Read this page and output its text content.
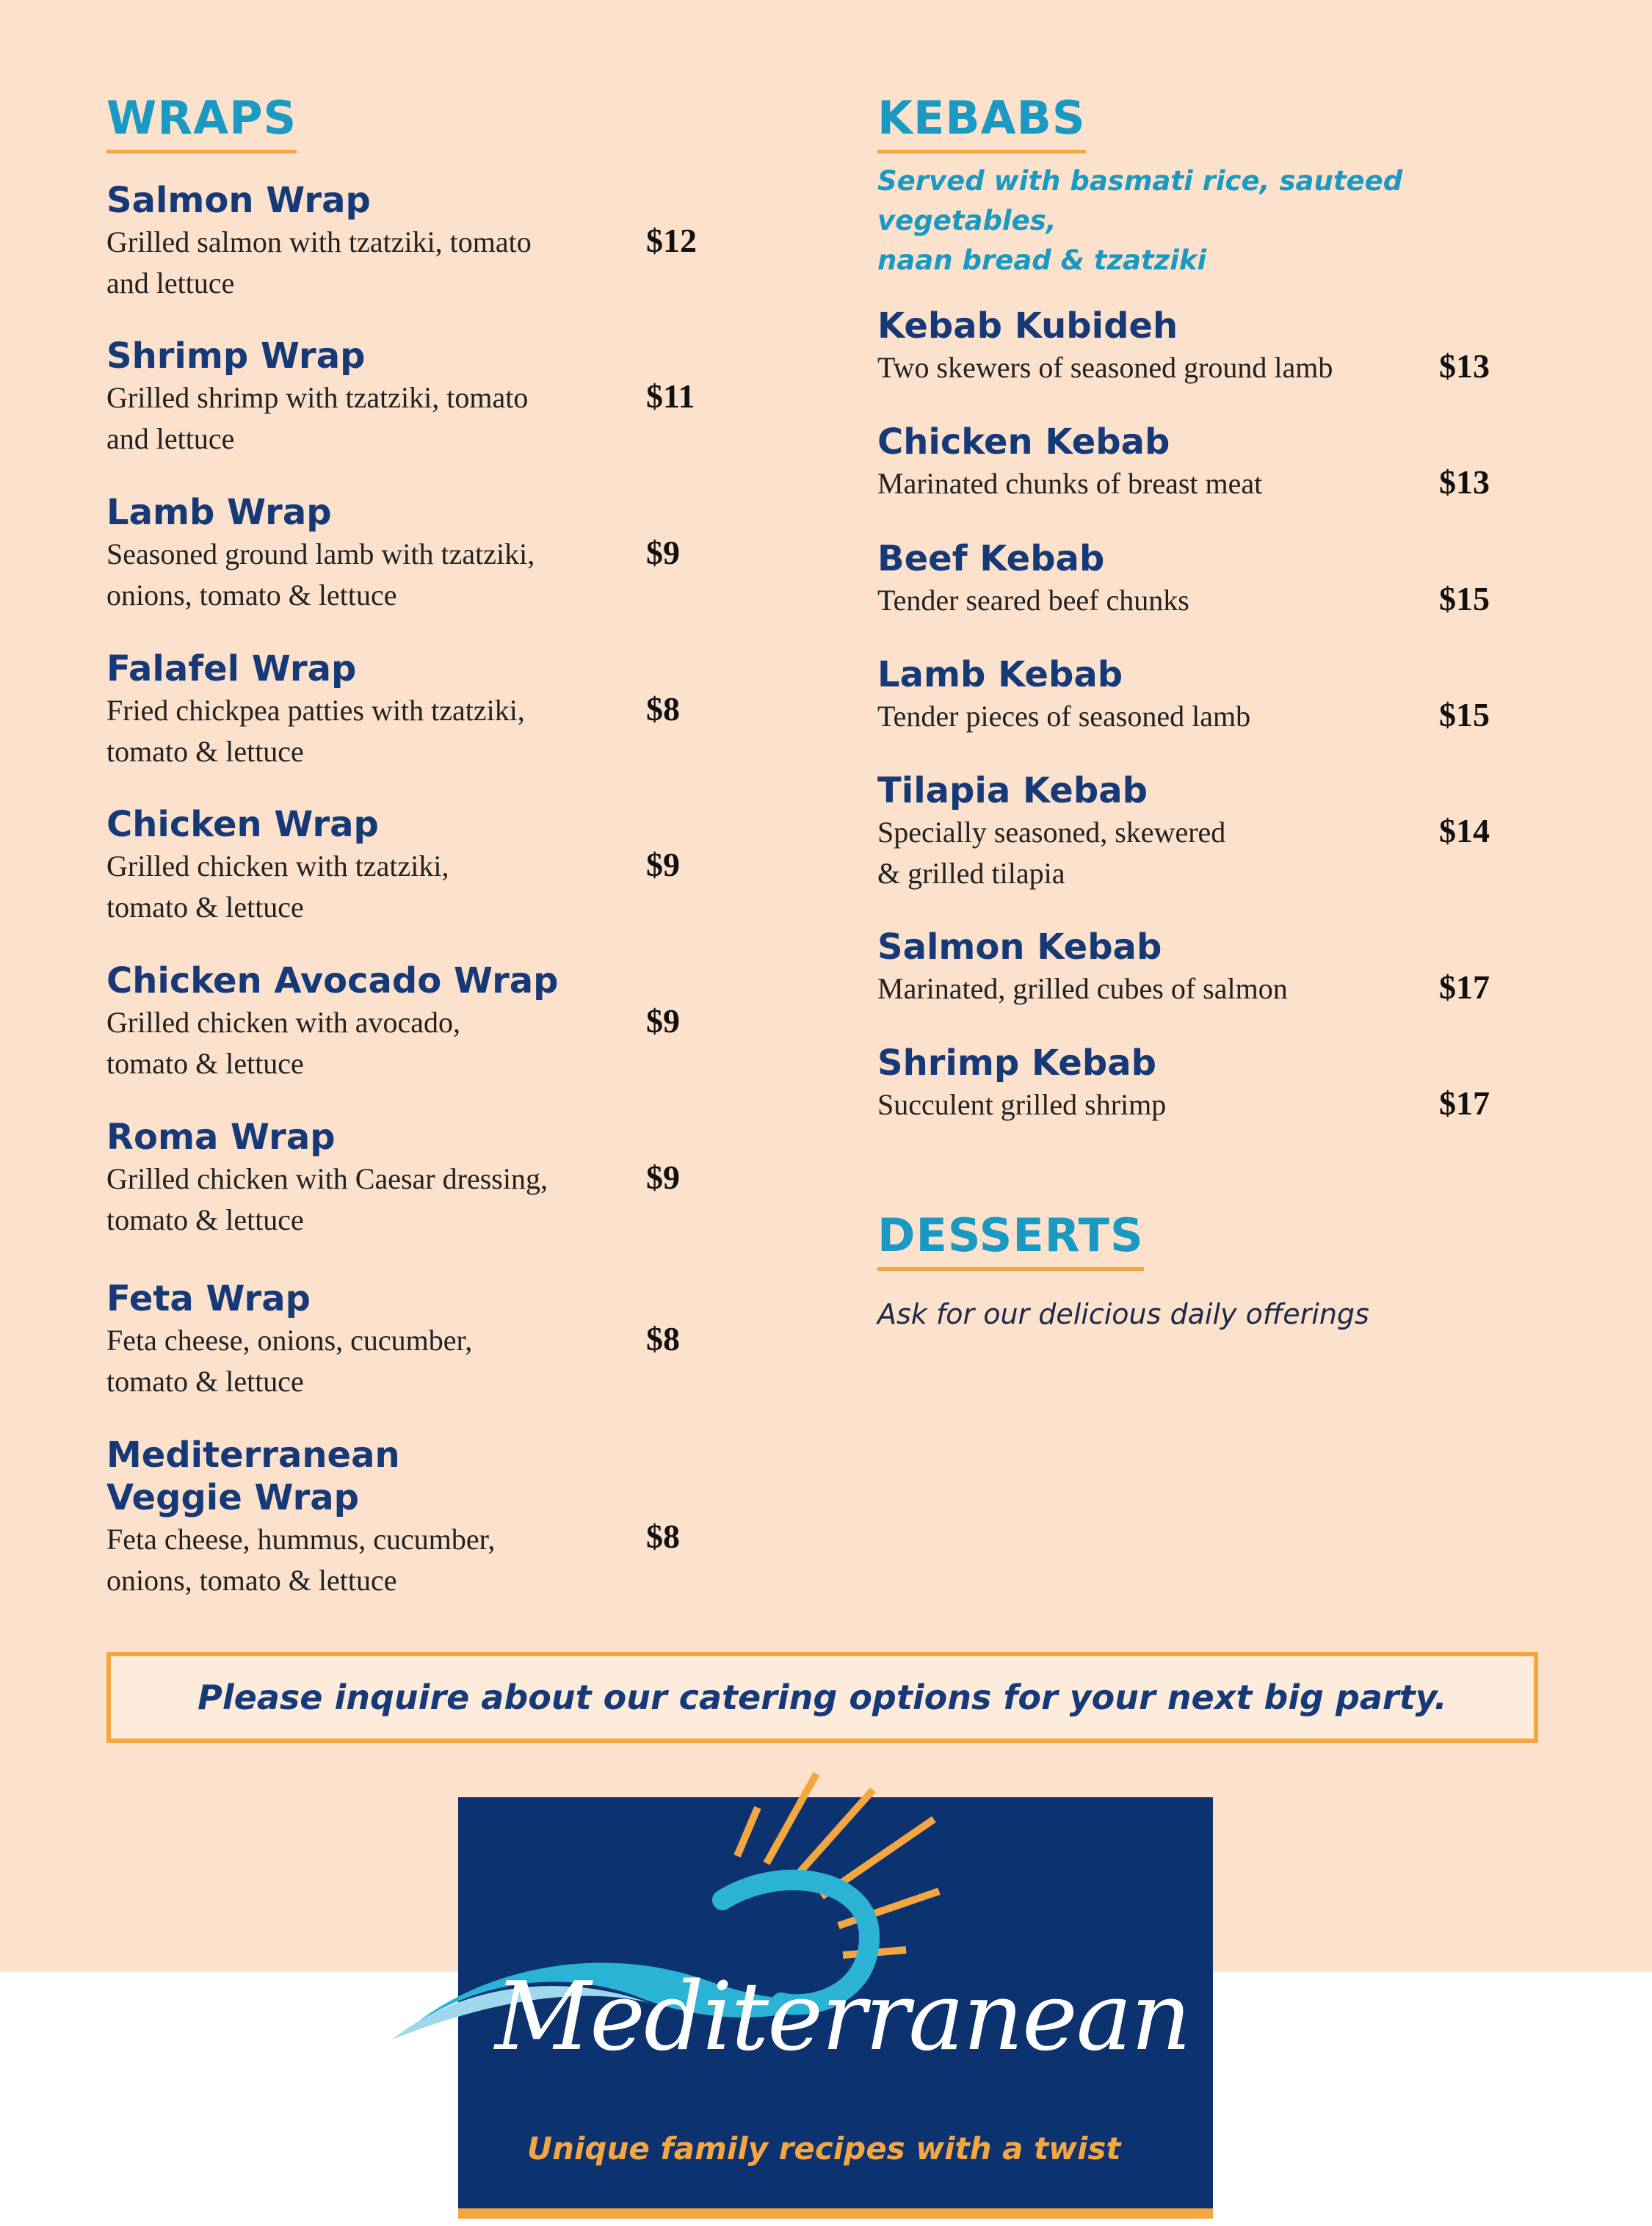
WRAPS
Salmon Wrap
Grilled salmon with tzatziki, tomato
and lettuce
$12
Shrimp Wrap
Grilled shrimp with tzatziki, tomato
and lettuce
$11
Lamb Wrap
Seasoned ground lamb with tzatziki,
onions, tomato & lettuce
$9
Falafel Wrap
Fried chickpea patties with tzatziki,
tomato & lettuce
$8
Chicken Wrap
Grilled chicken with tzatziki,
tomato & lettuce
$9
Chicken Avocado Wrap
Grilled chicken with avocado,
tomato & lettuce
$9
Roma Wrap
Grilled chicken with Caesar dressing,
tomato & lettuce
$9
Feta Wrap
Feta cheese, onions, cucumber,
tomato & lettuce
$8
Mediterranean
Veggie Wrap
Feta cheese, hummus, cucumber,
onions, tomato & lettuce
$8
KEBABS
Served with basmati rice, sauteed vegetables,
naan bread & tzatziki
Kebab Kubideh
Two skewers of seasoned ground lamb	$13
Chicken Kebab
Marinated chunks of breast meat	$13
Beef Kebab
Tender seared beef chunks	$15
Lamb Kebab
Tender pieces of seasoned lamb	$15
Tilapia Kebab
Specially seasoned, skewered
& grilled tilapia
$14
Salmon Kebab
Marinated, grilled cubes of salmon	$17
Shrimp Kebab
Succulent grilled shrimp	$17
DESSERTS

Ask for our delicious daily offerings

Please inquire about our catering options for your next big party.
Mediterranean Grill
Unique family recipes with a twist
